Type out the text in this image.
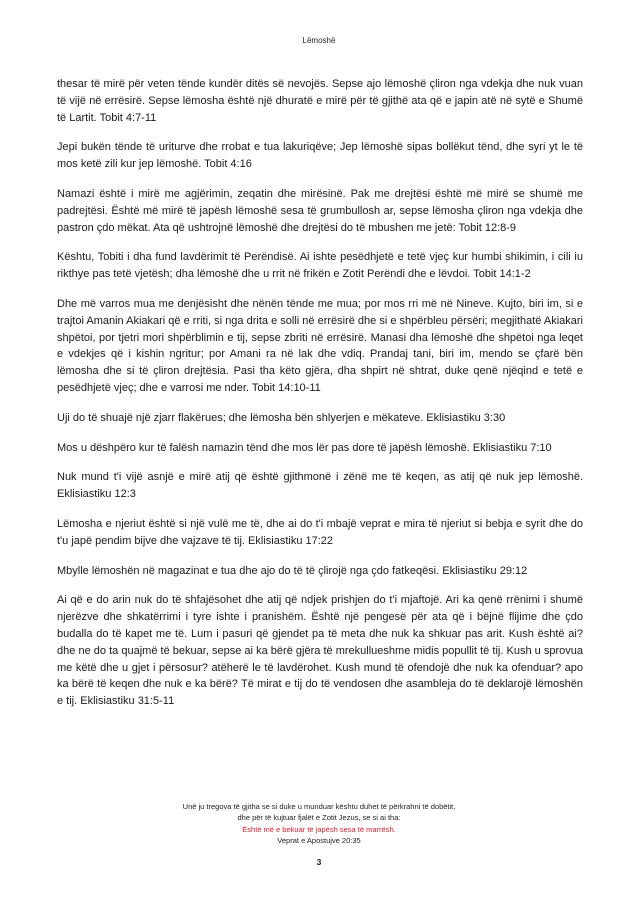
Lëmoshë

thesar të mirë për veten tënde kundër ditës së nevojës. Sepse ajo lëmoshë çliron nga vdekja dhe nuk vuan të vijë në errësirë. Sepse lëmosha është një dhuratë e mirë për të gjithë ata që e japin atë në sytë e Shumë të Lartit. Tobit 4:7-11

Jepi bukën tënde të uriturve dhe rrobat e tua lakuriqëve; Jep lëmoshë sipas bollëkut tënd, dhe syri yt le të mos ketë zili kur jep lëmoshë. Tobit 4:16

Namazi është i mirë me agjërimin, zeqatin dhe mirësinë. Pak me drejtësi është më mirë se shumë me padrejtësi. Është më mirë të japësh lëmoshë sesa të grumbullosh ar, sepse lëmosha çliron nga vdekja dhe pastron çdo mëkat. Ata që ushtrojnë lëmoshë dhe drejtësi do të mbushen me jetë: Tobit 12:8-9

Kështu, Tobiti i dha fund lavdërimit të Perëndisë. Ai ishte pesëdhjetë e tetë vjeç kur humbi shikimin, i cili iu rikthye pas tetë vjetësh; dha lëmoshë dhe u rrit në frikën e Zotit Perëndi dhe e lëvdoi. Tobit 14:1-2

Dhe më varros mua me denjësisht dhe nënën tënde me mua; por mos rri më në Nineve. Kujto, biri im, si e trajtoi Amanin Akiakari që e rriti, si nga drita e solli në errësirë dhe si e shpërbleu përsëri; megjithatë Akiakari shpëtoi, por tjetri mori shpërblimin e tij, sepse zbriti në errësirë. Manasi dha lëmoshë dhe shpëtoi nga leqet e vdekjes që i kishin ngritur; por Amani ra në lak dhe vdiq. Prandaj tani, biri im, mendo se çfarë bën lëmosha dhe si të çliron drejtësia. Pasi tha këto gjëra, dha shpirt në shtrat, duke qenë njëqind e tetë e pesëdhjetë vjeç; dhe e varrosi me nder. Tobit 14:10-11

Uji do të shuajë një zjarr flakërues; dhe lëmosha bën shlyerjen e mëkateve. Eklisiastiku 3:30

Mos u dëshpëro kur të falësh namazin tënd dhe mos lër pas dore të japësh lëmoshë. Eklisiastiku 7:10

Nuk mund t'i vijë asnjë e mirë atij që është gjithmonë i zënë me të keqen, as atij që nuk jep lëmoshë. Eklisiastiku 12:3

Lëmosha e njeriut është si një vulë me të, dhe ai do t'i mbajë veprat e mira të njeriut si bebja e syrit dhe do t'u japë pendim bijve dhe vajzave të tij. Eklisiastiku 17:22

Mbylle lëmoshën në magazinat e tua dhe ajo do të të çlirojë nga çdo fatkeqësi. Eklisiastiku 29:12

Ai që e do arin nuk do të shfajësohet dhe atij që ndjek prishjen do t'i mjaftojë. Ari ka qenë rrënimi i shumë njerëzve dhe shkatërrimi i tyre ishte i pranishëm. Është një pengesë për ata që i bëjnë flijime dhe çdo budalla do të kapet me të. Lum i pasuri që gjendet pa të meta dhe nuk ka shkuar pas arit. Kush është ai? dhe ne do ta quajmë të bekuar, sepse ai ka bërë gjëra të mrekullueshme midis popullit të tij. Kush u sprovua me këtë dhe u gjet i përsosur? atëherë le të lavdërohet. Kush mund të ofendojë dhe nuk ka ofenduar? apo ka bërë të keqen dhe nuk e ka bërë? Të mirat e tij do të vendosen dhe asambleja do të deklarojë lëmoshën e tij. Eklisiastiku 31:5-11

Unë ju tregova të gjitha se si duke u munduar kështu duhet të përkrahni të dobëtit,
dhe për të kujtuar fjalët e Zotit Jezus, se si ai tha:
Është më e bekuar të japësh sesa të marrësh.
Veprat e Apostujve 20:35
3
